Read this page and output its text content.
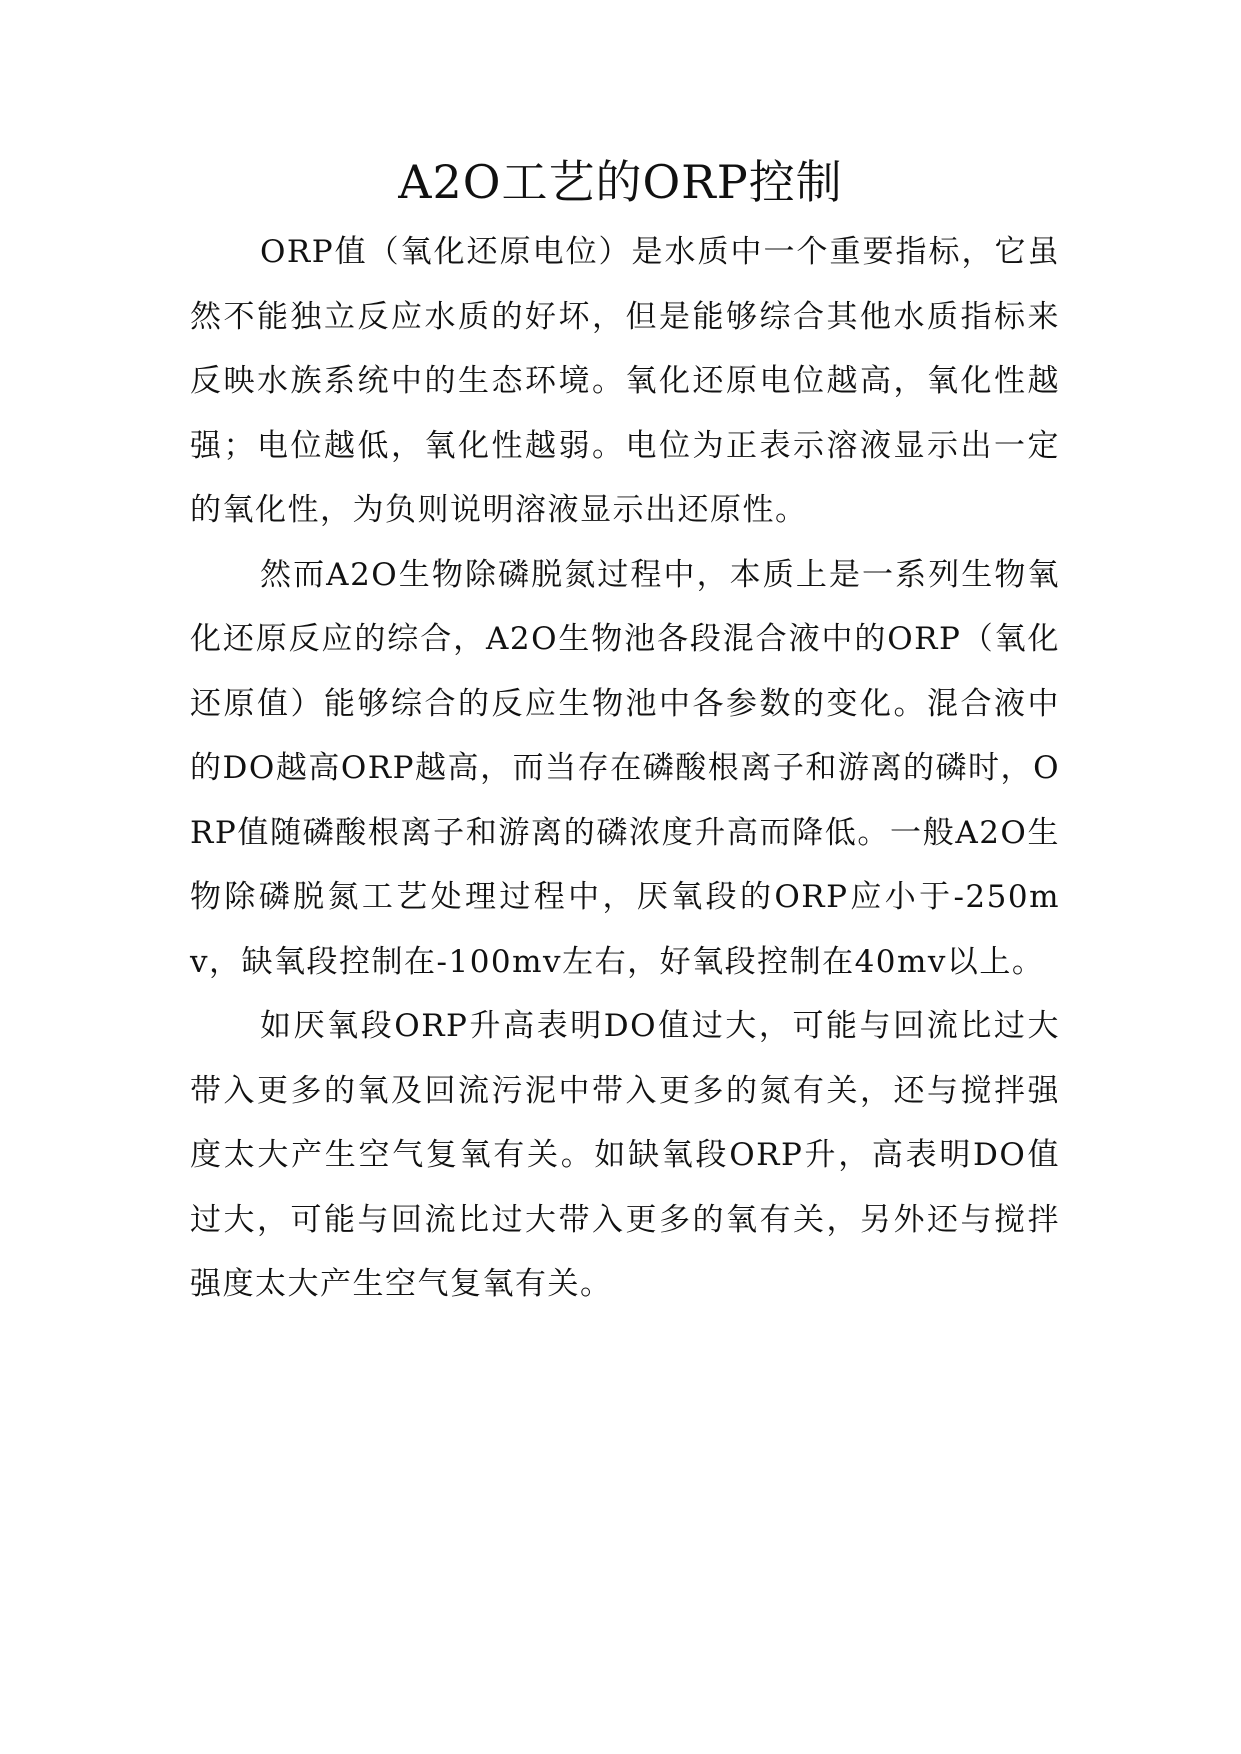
A2O工艺的ORP控制

ORP值（氧化还原电位）是水质中一个重要指标，它虽然不能独立反应水质的好坏，但是能够综合其他水质指标来反映水族系统中的生态环境。氧化还原电位越高，氧化性越强；电位越低，氧化性越弱。电位为正表示溶液显示出一定的氧化性，为负则说明溶液显示出还原性。

然而A2O生物除磷脱氮过程中，本质上是一系列生物氧化还原反应的综合，A2O生物池各段混合液中的ORP（氧化还原值）能够综合的反应生物池中各参数的变化。混合液中的DO越高ORP越高，而当存在磷酸根离子和游离的磷时，ORP值随磷酸根离子和游离的磷浓度升高而降低。一般A2O生物除磷脱氮工艺处理过程中，厌氧段的ORP应小于-250mv，缺氧段控制在-100mv左右，好氧段控制在40mv以上。

如厌氧段ORP升高表明DO值过大，可能与回流比过大带入更多的氧及回流污泥中带入更多的氮有关，还与搅拌强度太大产生空气复氧有关。如缺氧段ORP升，高表明DO值过大，可能与回流比过大带入更多的氧有关，另外还与搅拌强度太大产生空气复氧有关。
